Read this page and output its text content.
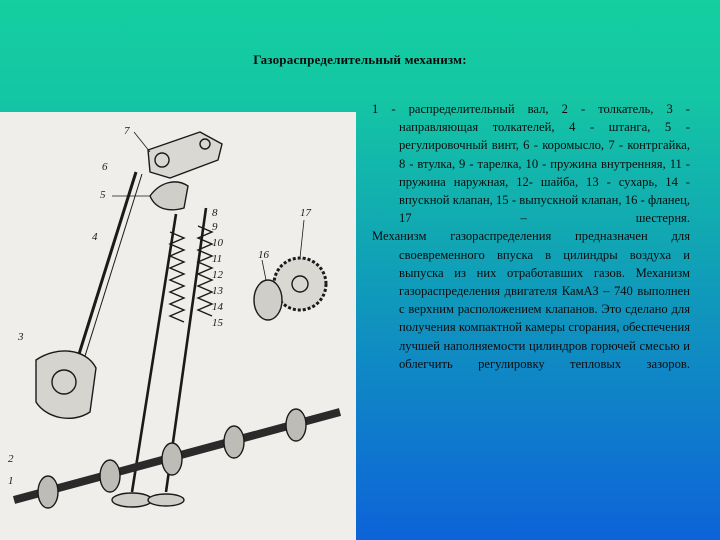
Газораспределительный механизм:
7
6
5
4
3
2
1
8
9
10
11
12
13
14
15
16
17

1 - распределительный вал, 2 - толкатель, 3 - направляющая толкателей, 4 - штанга, 5 - регулировочный винт, 6 - коромысло, 7 - контргайка, 8 - втулка, 9 - тарелка, 10 - пружина внутренняя, 11 - пружина наружная, 12- шайба, 13 - сухарь, 14 - впускной клапан, 15 - выпускной клапан, 16 - фланец, 17 – шестерня.

Механизм газораспределения предназначен для своевременного впуска в цилиндры воздуха и выпуска из них отработавших газов. Механизм газораспределения двигателя КамАЗ – 740 выполнен с верхним расположением клапанов. Это сделано для получения компактной камеры сгорания, обеспечения лучшей наполняемости цилиндров горючей смесью и облегчить регулировку тепловых зазоров.
